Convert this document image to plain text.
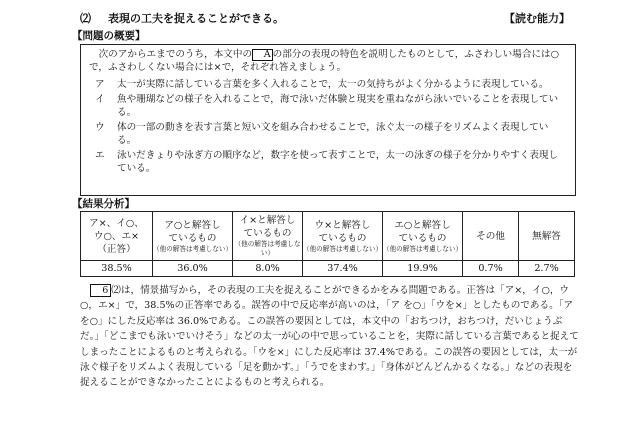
⑵ 表現の工夫を捉えることができる。	【読む能力】
【問題の概要】

次のアからエまでのうち，本文中の A の部分の表現の特色を説明したものとして，ふさわしい場合には○で，ふさわしくない場合には×で，それぞれ答えましょう。

ア	太一が実際に話している言葉を多く入れることで，太一の気持ちがよく分かるように表現している。
イ	魚や珊瑚などの様子を入れることで，海で泳いだ体験と現実を重ねながら泳いでいることを表現している。
ウ	体の一部の動きを表す言葉と短い文を組み合わせることで，泳ぐ太一の様子をリズムよく表現している。
エ	泳いだきょりや泳ぎ方の順序など，数字を使って表すことで，太一の泳ぎの様子を分かりやすく表現している。
【結果分析】
ア×、イ○、
ウ○、エ×
（正答）	ア○と解答し
ているもの
（他の解答は考慮しない）	イ×と解答し
ているもの
（他の解答は考慮しない）	ウ×と解答し
ているもの
（他の解答は考慮しない）	エ○と解答し
ているもの
（他の解答は考慮しない）	その他	無解答

38.5%	36.0%	8.0%	37.4%	19.9%	0.7%	2.7%

6 ⑵は，情景描写から，その表現の工夫を捉えることができるかをみる問題である。正答は「ア×，イ○，ウ○，エ×」で，38.5%の正答率である。誤答の中で反応率が高いのは，「ア を○」「ウを×」としたものである。「アを○」にした反応率は 36.0%である。この誤答の要因としては，本文中の「おちつけ，おちつけ，だいじょうぶだ。」「どこまでも泳いでいけそう」などの太一が心の中で思っていることを，実際に話している言葉であると捉えてしまったことによるものと考えられる。「ウを×」にした反応率は 37.4%である。この誤答の要因としては，太一が泳ぐ様子をリズムよく表現している「足を動かす。」「うでをまわす。」「身体がどんどんかるくなる。」などの表現を捉えることができなかったことによるものと考えられる。
